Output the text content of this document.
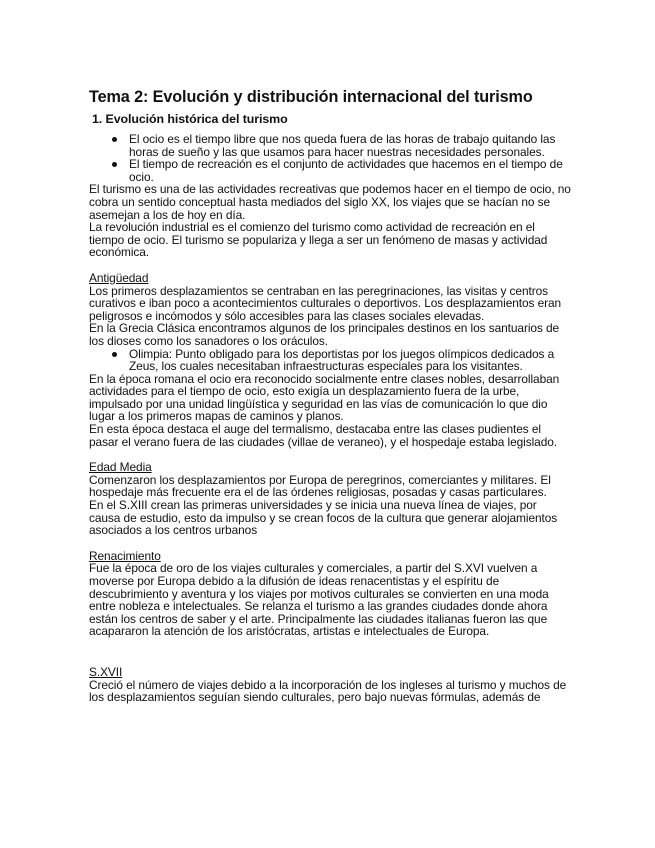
Tema 2: Evolución y distribución internacional del turismo
1. Evolución histórica del turismo
El ocio es el tiempo libre que nos queda fuera de las horas de trabajo quitando las horas de sueño y las que usamos para hacer nuestras necesidades personales.
El tiempo de recreación es el conjunto de actividades que hacemos en el tiempo de ocio.

El turismo es una de las actividades recreativas que podemos hacer en el tiempo de ocio, no cobra un sentido conceptual hasta mediados del siglo XX, los viajes que se hacían no se asemejan a los de hoy en día.

La revolución industrial es el comienzo del turismo como actividad de recreación en el tiempo de ocio. El turismo se populariza y llega a ser un fenómeno de masas y actividad económica.

Antigüedad

Los primeros desplazamientos se centraban en las peregrinaciones, las visitas y centros curativos e iban poco a acontecimientos culturales o deportivos. Los desplazamientos eran peligrosos e incómodos y sólo accesibles para las clases sociales elevadas.

En la Grecia Clásica encontramos algunos de los principales destinos en los santuarios de los dioses como los sanadores o los oráculos.

Olimpia: Punto obligado para los deportistas por los juegos olímpicos dedicados a Zeus, los cuales necesitaban infraestructuras especiales para los visitantes.

En la época romana el ocio era reconocido socialmente entre clases nobles, desarrollaban actividades para el tiempo de ocio, esto exigía un desplazamiento fuera de la urbe, impulsado por una unidad lingüística y seguridad en las vías de comunicación lo que dio lugar a los primeros mapas de caminos y planos.

En esta época destaca el auge del termalismo, destacaba entre las clases pudientes el pasar el verano fuera de las ciudades (villae de veraneo), y el hospedaje estaba legislado.

Edad Media

Comenzaron los desplazamientos por Europa de peregrinos, comerciantes y militares. El hospedaje más frecuente era el de las órdenes religiosas, posadas y casas particulares.

En el S.XIII crean las primeras universidades y se inicia una nueva línea de viajes, por causa de estudio, esto da impulso y se crean focos de la cultura que generar alojamientos asociados a los centros urbanos

Renacimiento

Fue la época de oro de los viajes culturales y comerciales, a partir del S.XVI vuelven a moverse por Europa debido a la difusión de ideas renacentistas y el espíritu de descubrimiento y aventura y los viajes por motivos culturales se convierten en una moda entre nobleza e intelectuales. Se relanza el turismo a las grandes ciudades donde ahora están los centros de saber y el arte. Principalmente las ciudades italianas fueron las que acapararon la atención de los aristócratas, artistas e intelectuales de Europa.

S.XVII

Creció el número de viajes debido a la incorporación de los ingleses al turismo y muchos de los desplazamientos seguían siendo culturales, pero bajo nuevas fórmulas, además de
